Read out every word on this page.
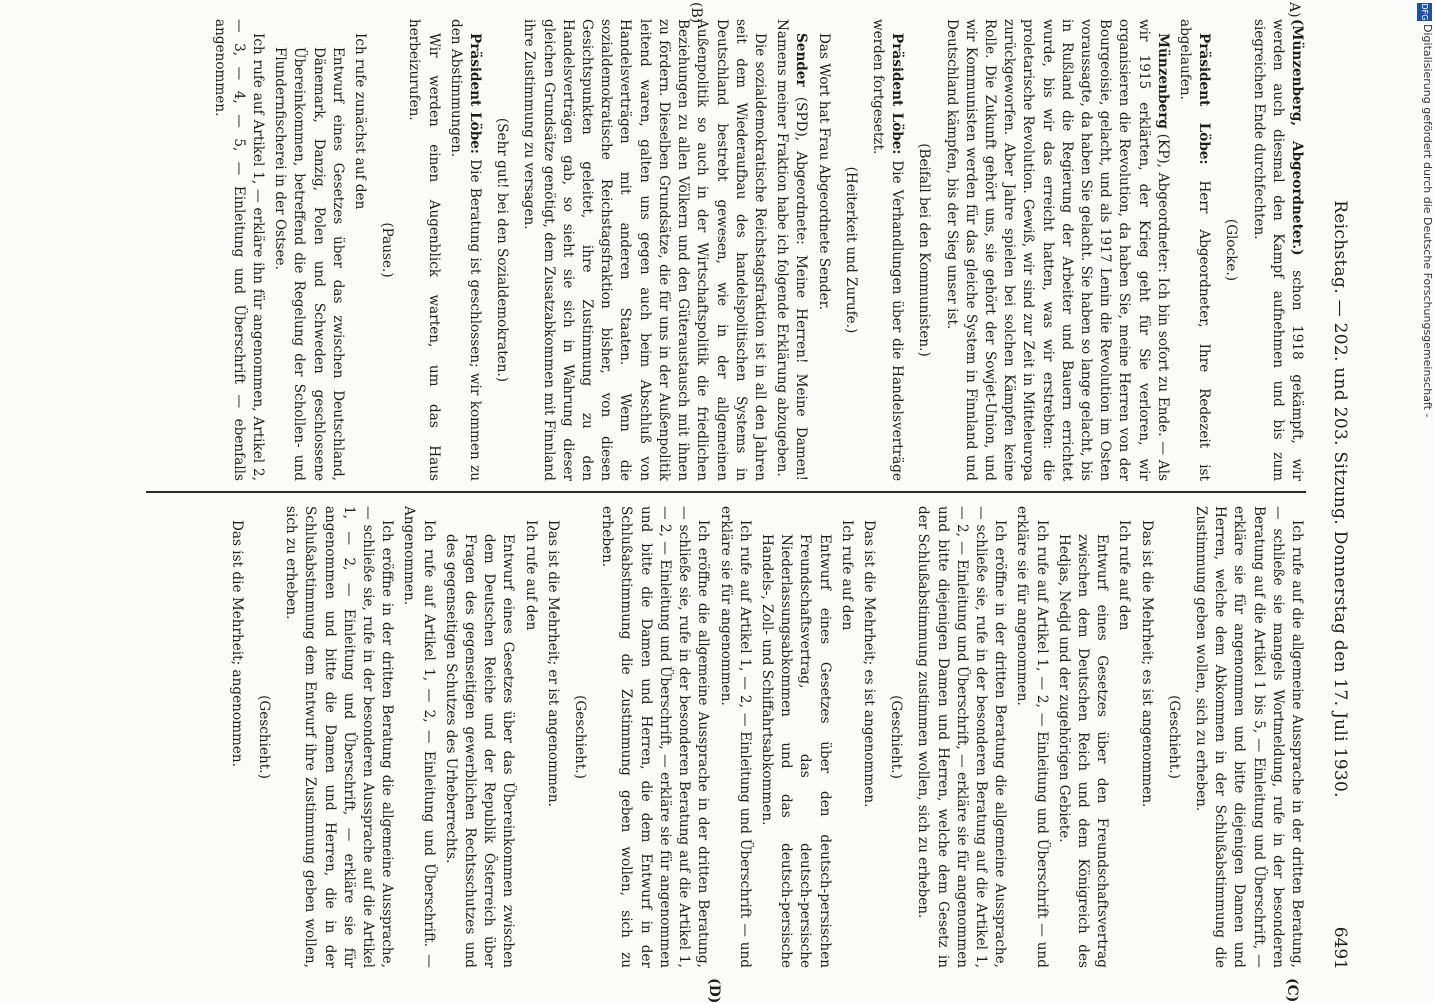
Reichstag. — 202. und 203. Sitzung. Donnerstag den 17. Juli 1930.
6491
A)
(B)
(C)
(D)

(Münzenberg, Abgeordneter.) schon 1918 gekämpft, wir werden auch diesmal den Kampf aufnehmen und bis zum siegreichen Ende durchfechten.

(Glocke.)

Präsident Löbe: Herr Abgeordneter, Ihre Redezeit ist abgelaufen.

Münzenberg (KP), Abgeordneter: Ich bin sofort zu Ende. — Als wir 1915 erklärten, der Krieg geht für Sie verloren, wir organisieren die Revolution, da haben Sie, meine Herren von der Bourgeoisie, gelacht, und als 1917 Lenin die Revolution im Osten voraussagte, da haben Sie gelacht. Sie haben so lange gelacht, bis in Rußland die Regierung der Arbeiter und Bauern errichtet wurde, bis wir das erreicht hatten, was wir erstrebten: die proletarische Revolution. Gewiß, wir sind zur Zeit in Mitteleuropa zurückgeworfen. Aber Jahre spielen bei solchen Kämpfen keine Rolle. Die Zukunft gehört uns, sie gehört der Sowjet-Union, und wir Kommunisten werden für das gleiche System in Finnland und Deutschland kämpfen, bis der Sieg unser ist.

(Beifall bei den Kommunisten.)

Präsident Löbe: Die Verhandlungen über die Handelsverträge werden fortgesetzt.

(Heiterkeit und Zurufe.)

Das Wort hat Frau Abgeordnete Sender.

Sender (SPD), Abgeordnete: Meine Herren! Meine Damen! Namens meiner Fraktion habe ich folgende Erklärung abzugeben.

Die sozialdemokratische Reichstagsfraktion ist in all den Jahren seit dem Wiederaufbau des handelspolitischen Systems in Deutschland bestrebt gewesen, wie in der allgemeinen Außenpolitik so auch in der Wirtschaftspolitik die friedlichen Beziehungen zu allen Völkern und den Güteraustausch mit ihnen zu fördern. Dieselben Grundsätze, die für uns in der Außenpolitik leitend waren, galten uns gegen auch beim Abschluß von Handelsverträgen mit anderen Staaten. Wenn die sozialdemokratische Reichstagsfraktion bisher, von diesen Gesichtspunkten geleitet, ihre Zustimmung zu den Handelsverträgen gab, so sieht sie sich in Wahrung dieser gleichen Grundsätze genötigt, dem Zusatzabkommen mit Finnland ihre Zustimmung zu versagen.

(Sehr gut! bei den Sozialdemokraten.)

Präsident Löbe: Die Beratung ist geschlossen; wir kommen zu den Abstimmungen.

Wir werden einen Augenblick warten, um das Haus herbeizurufen.

(Pause.)

Ich rufe zunächst auf den

Entwurf eines Gesetzes über das zwischen Deutschland, Dänemark, Danzig, Polen und Schweden geschlossene Übereinkommen, betreffend die Regelung der Schollen- und Flundernfischerei in der Ostsee.

Ich rufe auf Artikel 1, — erkläre ihn für angenommen, Artikel 2, — 3, — 4, — 5, — Einleitung und Überschrift — ebenfalls angenommen.

Ich rufe auf die allgemeine Aussprache in der dritten Beratung, — schließe sie mangels Wortmeldung, rufe in der besonderen Beratung auf die Artikel 1 bis 5, — Einleitung und Überschrift, — erkläre sie für angenommen und bitte diejenigen Damen und Herren, welche dem Abkommen in der Schlußabstimmung die Zustimmung geben wollen, sich zu erheben.

(Geschieht.)

Das ist die Mehrheit; es ist angenommen.

Ich rufe auf den

Entwurf eines Gesetzes über den Freundschaftsvertrag zwischen dem Deutschen Reich und dem Königreich des Hedjas, Nedjd und der zugehörigen Gebiete.

Ich rufe auf Artikel 1, — 2, — Einleitung und Überschrift — und erkläre sie für angenommen.

Ich eröffne in der dritten Beratung die allgemeine Aussprache, — schließe sie, rufe in der besonderen Beratung auf die Artikel 1, — 2, — Einleitung und Überschrift, — erkläre sie für angenommen und bitte diejenigen Damen und Herren, welche dem Gesetz in der Schlußabstimmung zustimmen wollen, sich zu erheben.

(Geschieht.)

Das ist die Mehrheit; es ist angenommen.

Ich rufe auf den

Entwurf eines Gesetzes über den deutsch-persischen Freundschaftsvertrag, das deutsch-persische Niederlassungsabkommen und das deutsch-persische Handels-, Zoll- und Schiffahrtsabkommen.

Ich rufe auf Artikel 1, — 2, — Einleitung und Überschrift — und erkläre sie für angenommen.

Ich eröffne die allgemeine Aussprache in der dritten Beratung, — schließe sie, rufe in der besonderen Beratung auf die Artikel 1, — 2, — Einleitung und Überschrift, — erkläre sie für angenommen und bitte die Damen und Herren, die dem Entwurf in der Schlußabstimmung die Zustimmung geben wollen, sich zu erheben.

(Geschieht.)

Das ist die Mehrheit; er ist angenommen.

Ich rufe auf den

Entwurf eines Gesetzes über das Übereinkommen zwischen dem Deutschen Reiche und der Republik Österreich über Fragen des gegenseitigen gewerblichen Rechtsschutzes und des gegenseitigen Schutzes des Urheberrechts.

Ich rufe auf Artikel 1, — 2, — Einleitung und Überschrift. — Angenommen.

Ich eröffne in der dritten Beratung die allgemeine Aussprache, — schließe sie, rufe in der besonderen Aussprache auf die Artikel 1, — 2, — Einleitung und Überschrift, — erkläre sie für angenommen und bitte die Damen und Herren, die in der Schlußabstimmung dem Entwurf ihre Zustimmung geben wollen, sich zu erheben.

(Geschieht.)

Das ist die Mehrheit; angenommen.

DFG
Digitalisierung gefördert durch die Deutsche Forschungsgemeinschaft -
